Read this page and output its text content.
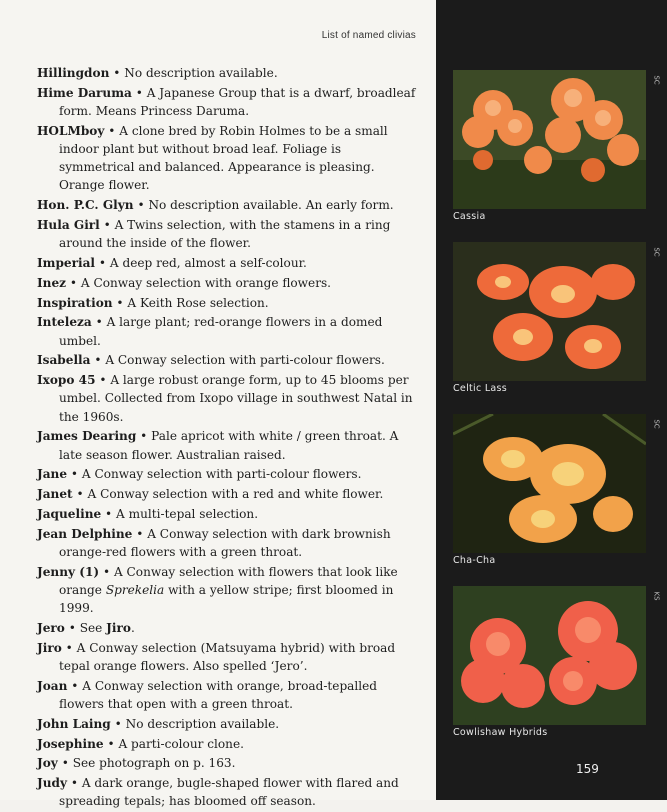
List of named clivias
Hillingdon • No description available.
Hime Daruma • A Japanese Group that is a dwarf, broadleaf form. Means Princess Daruma.
HOLMboy • A clone bred by Robin Holmes to be a small indoor plant but without broad leaf. Foliage is symmetrical and balanced. Appearance is pleasing. Orange flower.
Hon. P.C. Glyn • No description available. An early form.
Hula Girl • A Twins selection, with the stamens in a ring around the inside of the flower.
Imperial • A deep red, almost a self-colour.
Inez • A Conway selection with orange flowers.
Inspiration • A Keith Rose selection.
Inteleza • A large plant; red-orange flowers in a domed umbel.
Isabella • A Conway selection with parti-colour flowers.
Ixopo 45 • A large robust orange form, up to 45 blooms per umbel. Collected from Ixopo village in southwest Natal in the 1960s.
James Dearing • Pale apricot with white / green throat. A late season flower. Australian raised.
Jane • A Conway selection with parti-colour flowers.
Janet • A Conway selection with a red and white flower.
Jaqueline • A multi-tepal selection.
Jean Delphine • A Conway selection with dark brownish orange-red flowers with a green throat.
Jenny (1) • A Conway selection with flowers that look like orange Sprekelia with a yellow stripe; first bloomed in 1999.
Jero • See Jiro.
Jiro • A Conway selection (Matsuyama hybrid) with broad tepal orange flowers. Also spelled ‘Jero’.
Joan • A Conway selection with orange, broad-tepalled flowers that open with a green throat.
John Laing • No description available.
Josephine • A parti-colour clone.
Joy • See photograph on p. 163.
Judy • A dark orange, bugle-shaped flower with flared and spreading tepals; has bloomed off season.
Cassia
SC
Celtic Lass
SC
Cha-Cha
SC
Cowlishaw Hybrids
KS
159
